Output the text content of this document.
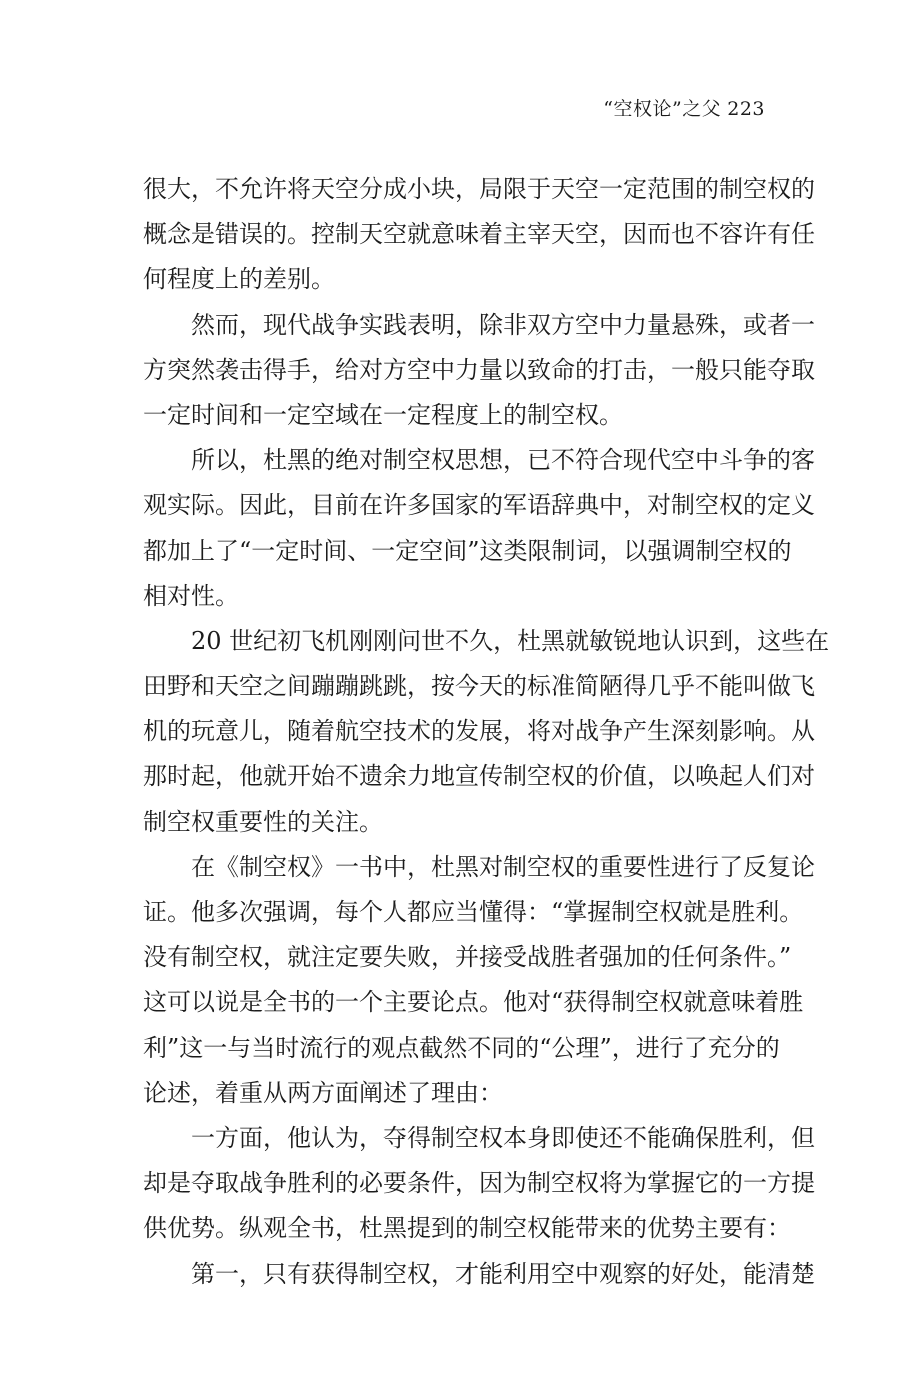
“空权论”之父 223
很大，不允许将天空分成小块，局限于天空一定范围的制空权的
概念是错误的。控制天空就意味着主宰天空，因而也不容许有任
何程度上的差别。
然而，现代战争实践表明，除非双方空中力量悬殊，或者一
方突然袭击得手，给对方空中力量以致命的打击，一般只能夺取
一定时间和一定空域在一定程度上的制空权。
所以，杜黑的绝对制空权思想，已不符合现代空中斗争的客
观实际。因此，目前在许多国家的军语辞典中，对制空权的定义
都加上了“一定时间、一定空间”这类限制词，以强调制空权的
相对性。
20 世纪初飞机刚刚问世不久，杜黑就敏锐地认识到，这些在
田野和天空之间蹦蹦跳跳，按今天的标准简陋得几乎不能叫做飞
机的玩意儿，随着航空技术的发展，将对战争产生深刻影响。从
那时起，他就开始不遗余力地宣传制空权的价值，以唤起人们对
制空权重要性的关注。
在《制空权》一书中，杜黑对制空权的重要性进行了反复论
证。他多次强调，每个人都应当懂得：“掌握制空权就是胜利。
没有制空权，就注定要失败，并接受战胜者强加的任何条件。”
这可以说是全书的一个主要论点。他对“获得制空权就意味着胜
利”这一与当时流行的观点截然不同的“公理”，进行了充分的
论述，着重从两方面阐述了理由：
一方面，他认为，夺得制空权本身即使还不能确保胜利，但
却是夺取战争胜利的必要条件，因为制空权将为掌握它的一方提
供优势。纵观全书，杜黑提到的制空权能带来的优势主要有：
第一，只有获得制空权，才能利用空中观察的好处，能清楚
